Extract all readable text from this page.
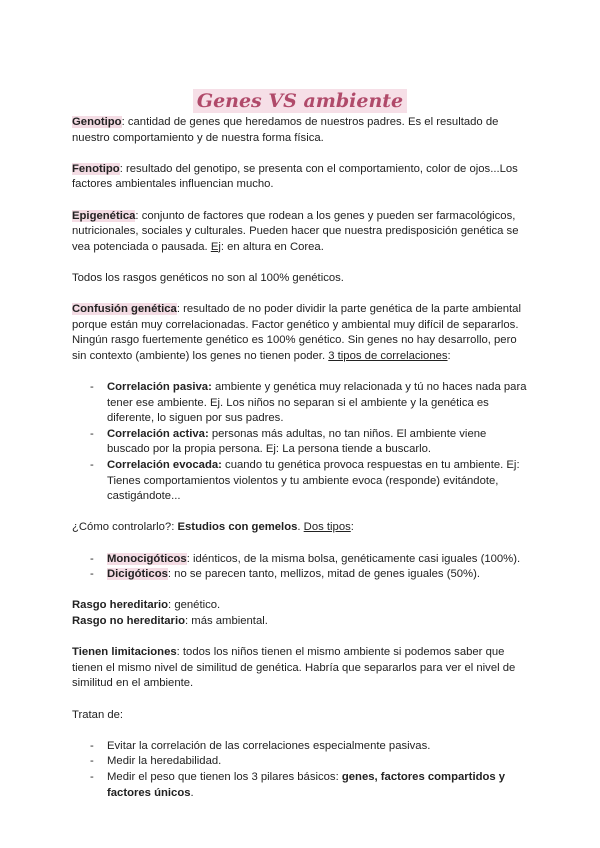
Genes VS ambiente

Genotipo: cantidad de genes que heredamos de nuestros padres. Es el resultado de nuestro comportamiento y de nuestra forma física.

Fenotipo: resultado del genotipo, se presenta con el comportamiento, color de ojos...Los factores ambientales influencian mucho.

Epigenética: conjunto de factores que rodean a los genes y pueden ser farmacológicos, nutricionales, sociales y culturales. Pueden hacer que nuestra predisposición genética se vea potenciada o pausada. Ej: en altura en Corea.

Todos los rasgos genéticos no son al 100% genéticos.

Confusión genética: resultado de no poder dividir la parte genética de la parte ambiental porque están muy correlacionadas. Factor genético y ambiental muy difícil de separarlos. Ningún rasgo fuertemente genético es 100% genético. Sin genes no hay desarrollo, pero sin contexto (ambiente) los genes no tienen poder. 3 tipos de correlaciones:

- Correlación pasiva: ambiente y genética muy relacionada y tú no haces nada para tener ese ambiente. Ej. Los niños no separan si el ambiente y la genética es diferente, lo siguen por sus padres.
- Correlación activa: personas más adultas, no tan niños. El ambiente viene buscado por la propia persona. Ej: La persona tiende a buscarlo.
- Correlación evocada: cuando tu genética provoca respuestas en tu ambiente. Ej: Tienes comportamientos violentos y tu ambiente evoca (responde) evitándote, castigándote...

¿Cómo controlarlo?: Estudios con gemelos. Dos tipos:

- Monocigóticos: idénticos, de la misma bolsa, genéticamente casi iguales (100%).
- Dicigóticos: no se parecen tanto, mellizos, mitad de genes iguales (50%).

Rasgo hereditario: genético.

Rasgo no hereditario: más ambiental.

Tienen limitaciones: todos los niños tienen el mismo ambiente si podemos saber que tienen el mismo nivel de similitud de genética. Habría que separarlos para ver el nivel de similitud en el ambiente.

Tratan de:

- Evitar la correlación de las correlaciones especialmente pasivas.
- Medir la heredabilidad.
- Medir el peso que tienen los 3 pilares básicos: genes, factores compartidos y factores únicos.
